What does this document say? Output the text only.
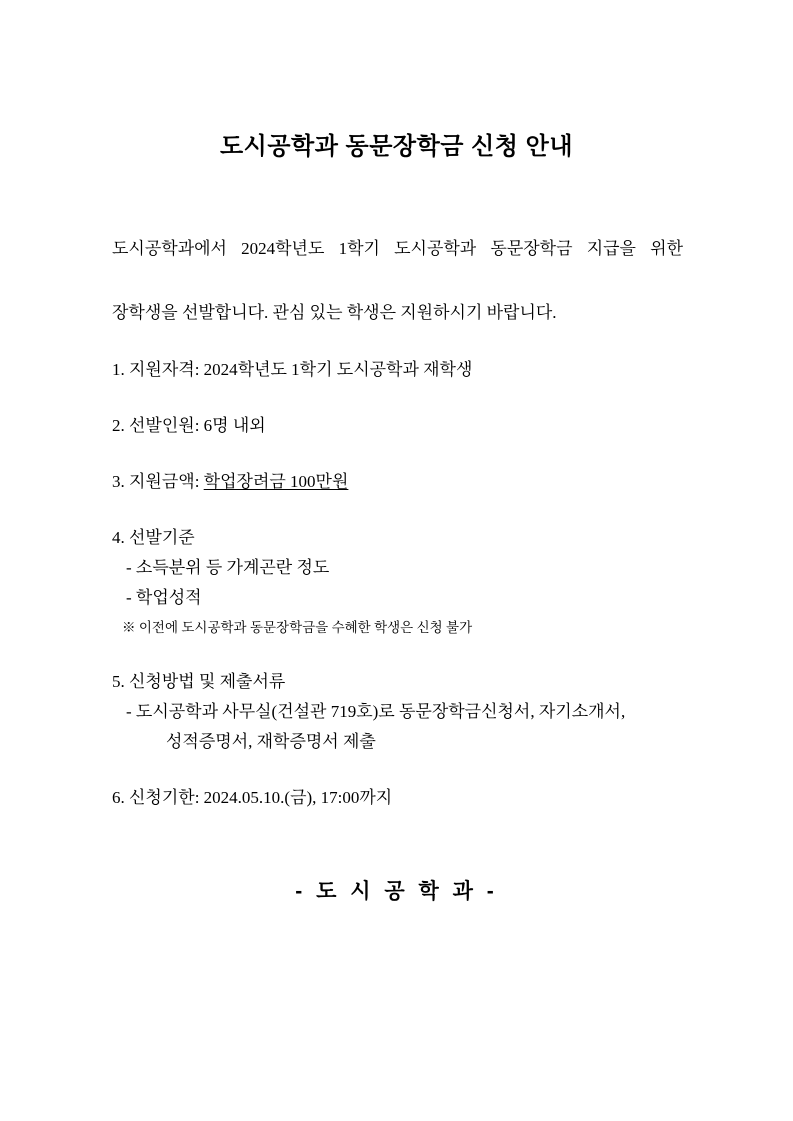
도시공학과 동문장학금 신청 안내
도시공학과에서 2024학년도 1학기 도시공학과 동문장학금 지급을 위한
장학생을 선발합니다. 관심 있는 학생은 지원하시기 바랍니다.
1. 지원자격: 2024학년도 1학기 도시공학과 재학생
2. 선발인원: 6명 내외
3. 지원금액: 학업장려금 100만원
4. 선발기준
- 소득분위 등 가계곤란 정도
- 학업성적
※ 이전에 도시공학과 동문장학금을 수혜한 학생은 신청 불가
5. 신청방법 및 제출서류
- 도시공학과 사무실(건설관 719호)로 동문장학금신청서, 자기소개서,
성적증명서, 재학증명서 제출
6. 신청기한: 2024.05.10.(금), 17:00까지
- 도 시 공 학 과 -
